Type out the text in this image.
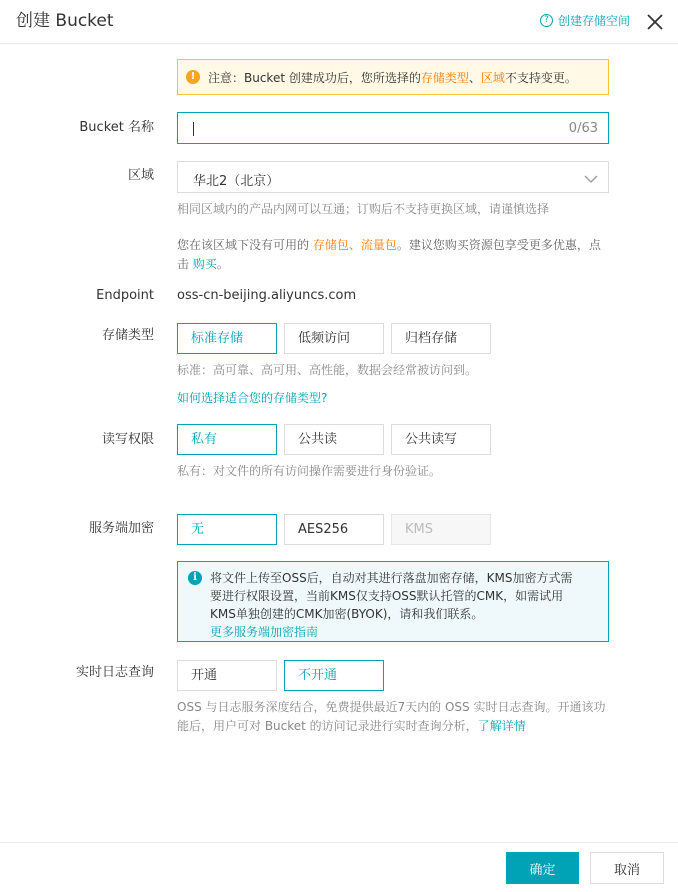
创建 Bucket	? 创建存储空间
!	注意：Bucket 创建成功后，您所选择的 存储类型 、 区域 不支持变更。
Bucket 名称	0/63
区域	华北2（北京）
相同区域内的产品内网可以互通；订购后不支持更换区域，请谨慎选择
您在该区域下没有可用的 存储包、流量包。建议您购买资源包享受更多优惠，点
击 购买。
Endpoint oss-cn-beijing.aliyuncs.com
存储类型	标准存储	低频访问	归档存储
标准：高可靠、高可用、高性能，数据会经常被访问到。
如何选择适合您的存储类型?
读写权限	私有	公共读	公共读写
私有：对文件的所有访问操作需要进行身份验证。
服务端加密	无	AES256	KMS
i	将文件上传至OSS后，自动对其进行落盘加密存储，KMS加密方式需
要进行权限设置，当前KMS仅支持OSS默认托管的CMK，如需试用
KMS单独创建的CMK加密(BYOK)，请和我们联系。
更多服务端加密指南
实时日志查询	开通	不开通
OSS 与日志服务深度结合，免费提供最近7天内的 OSS 实时日志查询。开通该功
能后，用户可对 Bucket 的访问记录进行实时查询分析，了解详情
确定	取消
